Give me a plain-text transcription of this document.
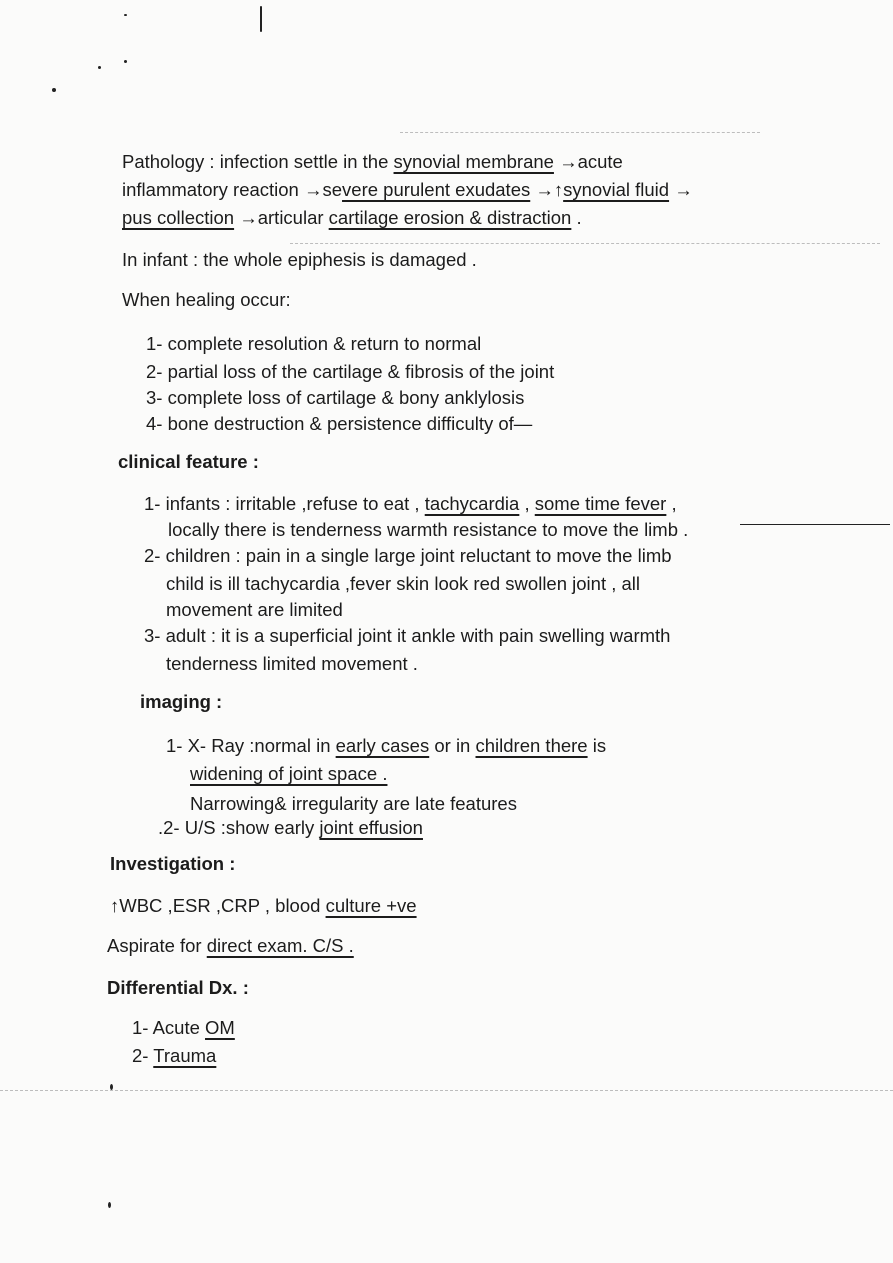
Pathology : infection settle in the synovial membrane →acute
inflammatory reaction →severe purulent exudates →↑synovial fluid →
pus collection →articular cartilage erosion & distraction .
In infant : the whole epiphesis is damaged .
When healing occur:
1- complete resolution & return to normal
2- partial loss of the cartilage & fibrosis of the joint
3- complete loss of cartilage & bony anklylosis
4- bone destruction & persistence difficulty of—
clinical feature :
1- infants : irritable ,refuse to eat , tachycardia , some time fever ,
locally there is tenderness warmth resistance to move the limb .
2- children : pain in a single large joint reluctant to move the limb
child is ill tachycardia ,fever skin look red swollen joint , all
movement are limited
3- adult : it is a superficial joint it ankle with pain swelling warmth
tenderness limited movement .
imaging :
1- X- Ray :normal in early cases or in children there is
widening of joint space .
Narrowing& irregularity are late features
.2- U/S :show early joint effusion
Investigation :
↑WBC ,ESR ,CRP , blood culture +ve
Aspirate for direct exam. C/S .
Differential Dx. :
1- Acute OM
2- Trauma
